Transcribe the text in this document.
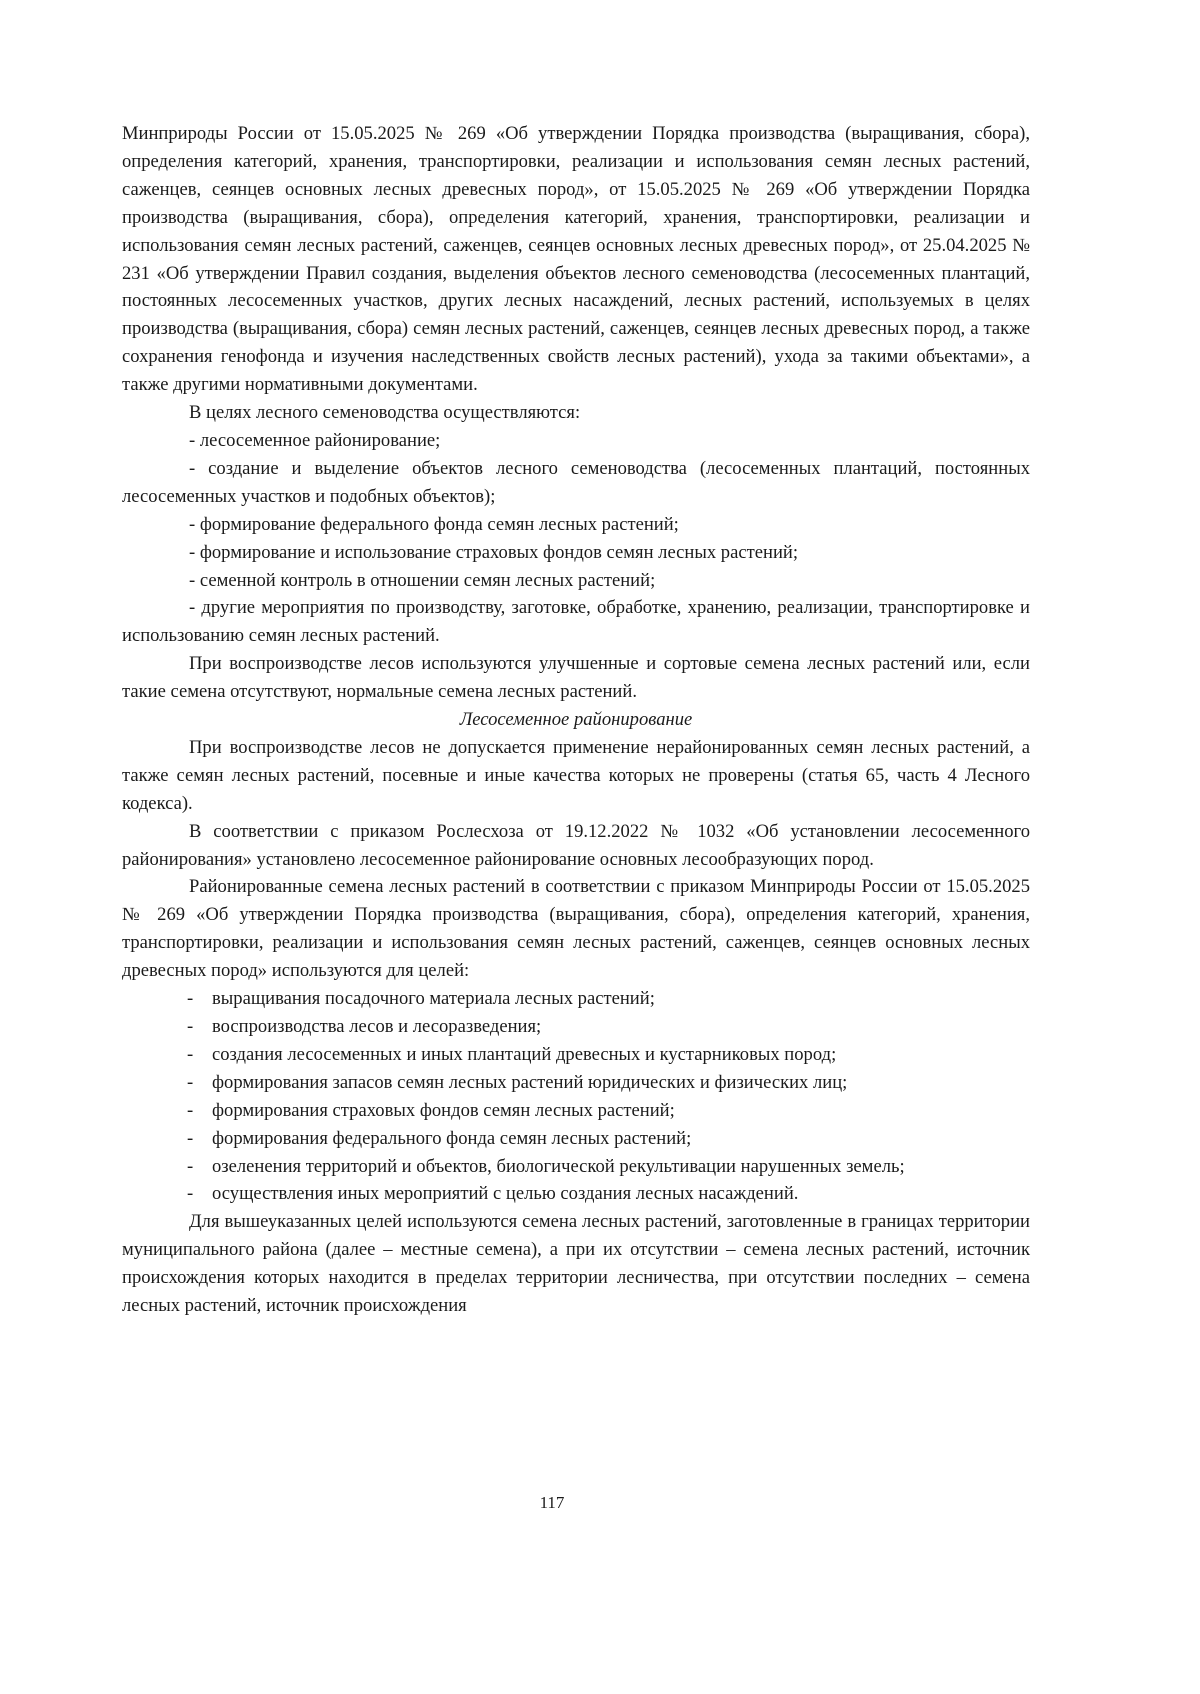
Минприроды России от 15.05.2025 № 269 «Об утверждении Порядка производства (выращивания, сбора), определения категорий, хранения, транспортировки, реализации и использования семян лесных растений, саженцев, сеянцев основных лесных древесных пород», от 15.05.2025 № 269 «Об утверждении Порядка производства (выращивания, сбора), определения категорий, хранения, транспортировки, реализации и использования семян лесных растений, саженцев, сеянцев основных лесных древесных пород», от 25.04.2025 № 231 «Об утверждении Правил создания, выделения объектов лесного семеноводства (лесосеменных плантаций, постоянных лесосеменных участков, других лесных насаждений, лесных растений, используемых в целях производства (выращивания, сбора) семян лесных растений, саженцев, сеянцев лесных древесных пород, а также сохранения генофонда и изучения наследственных свойств лесных растений), ухода за такими объектами», а также другими нормативными документами.

В целях лесного семеноводства осуществляются:

- лесосеменное районирование;

- создание и выделение объектов лесного семеноводства (лесосеменных плантаций, постоянных лесосеменных участков и подобных объектов);

- формирование федерального фонда семян лесных растений;

- формирование и использование страховых фондов семян лесных растений;

- семенной контроль в отношении семян лесных растений;

- другие мероприятия по производству, заготовке, обработке, хранению, реализации, транспортировке и использованию семян лесных растений.

При воспроизводстве лесов используются улучшенные и сортовые семена лесных растений или, если такие семена отсутствуют, нормальные семена лесных растений.

Лесосеменное районирование

При воспроизводстве лесов не допускается применение нерайонированных семян лесных растений, а также семян лесных растений, посевные и иные качества которых не проверены (статья 65, часть 4 Лесного кодекса).

В соответствии с приказом Рослесхоза от 19.12.2022 № 1032 «Об установлении лесосеменного районирования» установлено лесосеменное районирование основных лесообразующих пород.

Районированные семена лесных растений в соответствии с приказом Минприроды России от 15.05.2025 № 269 «Об утверждении Порядка производства (выращивания, сбора), определения категорий, хранения, транспортировки, реализации и использования семян лесных растений, саженцев, сеянцев основных лесных древесных пород» используются для целей:

-	выращивания посадочного материала лесных растений;
-	воспроизводства лесов и лесоразведения;
-	создания лесосеменных и иных плантаций древесных и кустарниковых пород;
-	формирования запасов семян лесных растений юридических и физических лиц;
-	формирования страховых фондов семян лесных растений;
-	формирования федерального фонда семян лесных растений;
-	озеленения территорий и объектов, биологической рекультивации нарушенных земель;
-	осуществления иных мероприятий с целью создания лесных насаждений.

Для вышеуказанных целей используются семена лесных растений, заготовленные в границах территории муниципального района (далее – местные семена), а при их отсутствии – семена лесных растений, источник происхождения которых находится в пределах территории лесничества, при отсутствии последних – семена лесных растений, источник происхождения

117
